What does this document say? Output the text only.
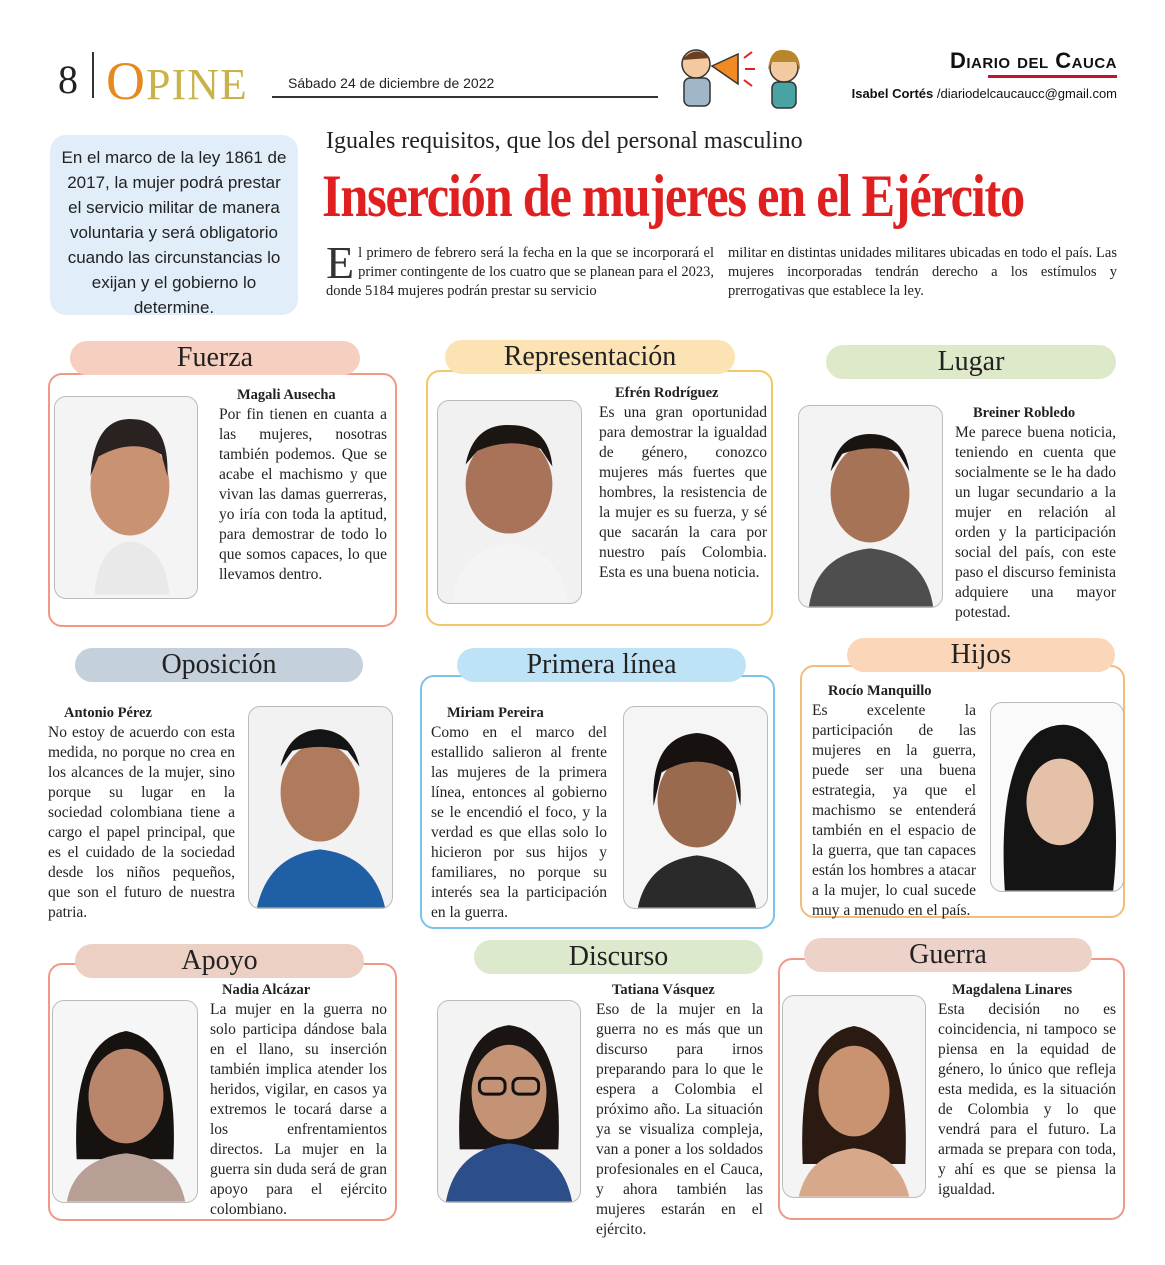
8 OPINE	Sábado 24 de diciembre de 2022
Diario del Cauca
Isabel Cortés /diariodelcaucaucc@gmail.com
En el marco de la ley 1861 de 2017, la mujer podrá prestar el servicio militar de manera voluntaria y será obligatorio cuando las circunstancias lo exijan y el gobierno lo determine.
Iguales requisitos, que los del personal masculino
Inserción de mujeres en el Ejército
El primero de febrero será la fecha en la que se incorporará el primer contingente de los cuatro que se planean para el 2023, donde 5184 mujeres podrán prestar su servicio
militar en distintas unidades militares ubicadas en todo el país. Las mujeres incorporadas tendrán derecho a los estímulos y prerrogativas que establece la ley.
Fuerza
Magali Ausecha
Por fin tienen en cuanta a las mujeres, nosotras también podemos. Que se acabe el machismo y que vivan las damas guerreras, yo iría con toda la aptitud, para demostrar de todo lo que somos capaces, lo que llevamos dentro.
Representación
Efrén Rodríguez
Es una gran oportunidad para demostrar la igualdad de género, conozco mujeres más fuertes que hombres, la resistencia de la mujer es su fuerza, y sé que sacarán la cara por nuestro país Colombia. Esta es una buena noticia.
Lugar
Breiner Robledo
Me parece buena noticia, teniendo en cuenta que socialmente se le ha dado un lugar secundario a la mujer en relación al orden y la participación social del país, con este paso el discurso feminista adquiere una mayor potestad.
Oposición
Antonio Pérez
No estoy de acuerdo con esta medida, no porque no crea en los alcances de la mujer, sino porque su lugar en la sociedad colombiana tiene a cargo el papel principal, que es el cuidado de la sociedad desde los niños pequeños, que son el futuro de nuestra patria.
Primera línea
Miriam Pereira
Como en el marco del estallido salieron al frente las mujeres de la primera línea, entonces al gobierno se le encendió el foco, y la verdad es que ellas solo lo hicieron por sus hijos y familiares, no porque su interés sea la participación en la guerra.
Hijos
Rocío Manquillo
Es excelente la participación de las mujeres en la guerra, puede ser una buena estrategia, ya que el machismo se entenderá también en el espacio de la guerra, que tan capaces están los hombres a atacar a la mujer, lo cual sucede muy a menudo en el país.
Apoyo
Nadia Alcázar
La mujer en la guerra no solo participa dándose bala en el llano, su inserción también implica atender los heridos, vigilar, en casos ya extremos le tocará darse a los enfrentamientos directos. La mujer en la guerra sin duda será de gran apoyo para el ejército colombiano.
Discurso
Tatiana Vásquez
Eso de la mujer en la guerra no es más que un discurso para irnos preparando para lo que le espera a Colombia el próximo año. La situación ya se visualiza compleja, van a poner a los soldados profesionales en el Cauca, y ahora también las mujeres estarán en el ejército.
Guerra
Magdalena Linares
Esta decisión no es coincidencia, ni tampoco se piensa en la equidad de género, lo único que refleja esta medida, es la situación de Colombia y lo que vendrá para el futuro. La armada se prepara con toda, y ahí es que se piensa la igualdad.
